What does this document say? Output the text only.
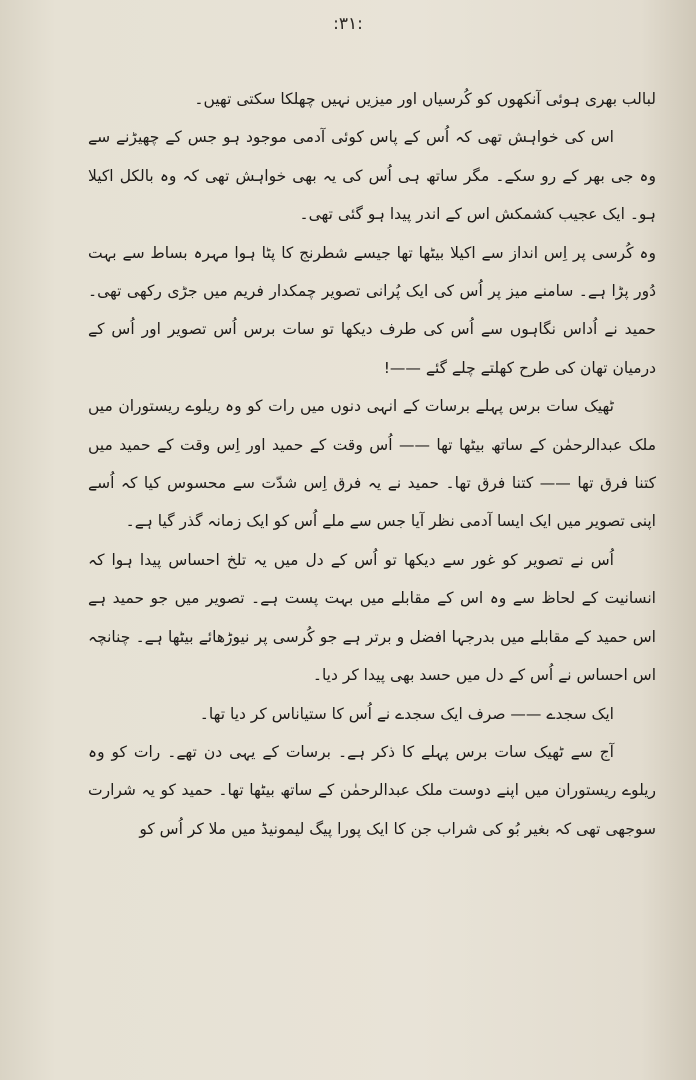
:۳۱:

لبالب بھری ہوئی آنکھوں کو کُرسیاں اور میزیں نہیں چھلکا سکتی تھیں۔

اس کی خواہش تھی کہ اُس کے پاس کوئی آدمی موجود ہو جس کے چھیڑنے سے وہ جی بھر کے رو سکے۔ مگر ساتھ ہی اُس کی یہ بھی خواہش تھی کہ وہ بالکل اکیلا ہو۔ ایک عجیب کشمکش اس کے اندر پیدا ہو گئی تھی۔

وہ کُرسی پر اِس انداز سے اکیلا بیٹھا تھا جیسے شطرنج کا پٹا ہوا مہرہ بساط سے بہت دُور پڑا ہے۔ سامنے میز پر اُس کی ایک پُرانی تصویر چمکدار فریم میں جڑی رکھی تھی۔ حمید نے اُداس نگاہوں سے اُس کی طرف دیکھا تو سات برس اُس تصویر اور اُس کے درمیان تھان کی طرح کھلتے چلے گئے ——!

ٹھیک سات برس پہلے برسات کے انہی دنوں میں رات کو وہ ریلوے ریستوران میں ملک عبدالرحمٰن کے ساتھ بیٹھا تھا —— اُس وقت کے حمید اور اِس وقت کے حمید میں کتنا فرق تھا —— کتنا فرق تھا۔ حمید نے یہ فرق اِس شدّت سے محسوس کیا کہ اُسے اپنی تصویر میں ایک ایسا آدمی نظر آیا جس سے ملے اُس کو ایک زمانہ گذر گیا ہے۔

اُس نے تصویر کو غور سے دیکھا تو اُس کے دل میں یہ تلخ احساس پیدا ہوا کہ انسانیت کے لحاظ سے وہ اس کے مقابلے میں بہت پست ہے۔ تصویر میں جو حمید ہے اس حمید کے مقابلے میں بدرجہا افضل و برتر ہے جو کُرسی پر نیوڑھائے بیٹھا ہے۔ چنانچہ اس احساس نے اُس کے دل میں حسد بھی پیدا کر دیا۔

ایک سجدے —— صرف ایک سجدے نے اُس کا ستیاناس کر دیا تھا۔

آج سے ٹھیک سات برس پہلے کا ذکر ہے۔ برسات کے یہی دن تھے۔ رات کو وہ ریلوے ریستوران میں اپنے دوست ملک عبدالرحمٰن کے ساتھ بیٹھا تھا۔ حمید کو یہ شرارت سوجھی تھی کہ بغیر بُو کی شراب جن کا ایک پورا پیگ لیمونیڈ میں ملا کر اُس کو
